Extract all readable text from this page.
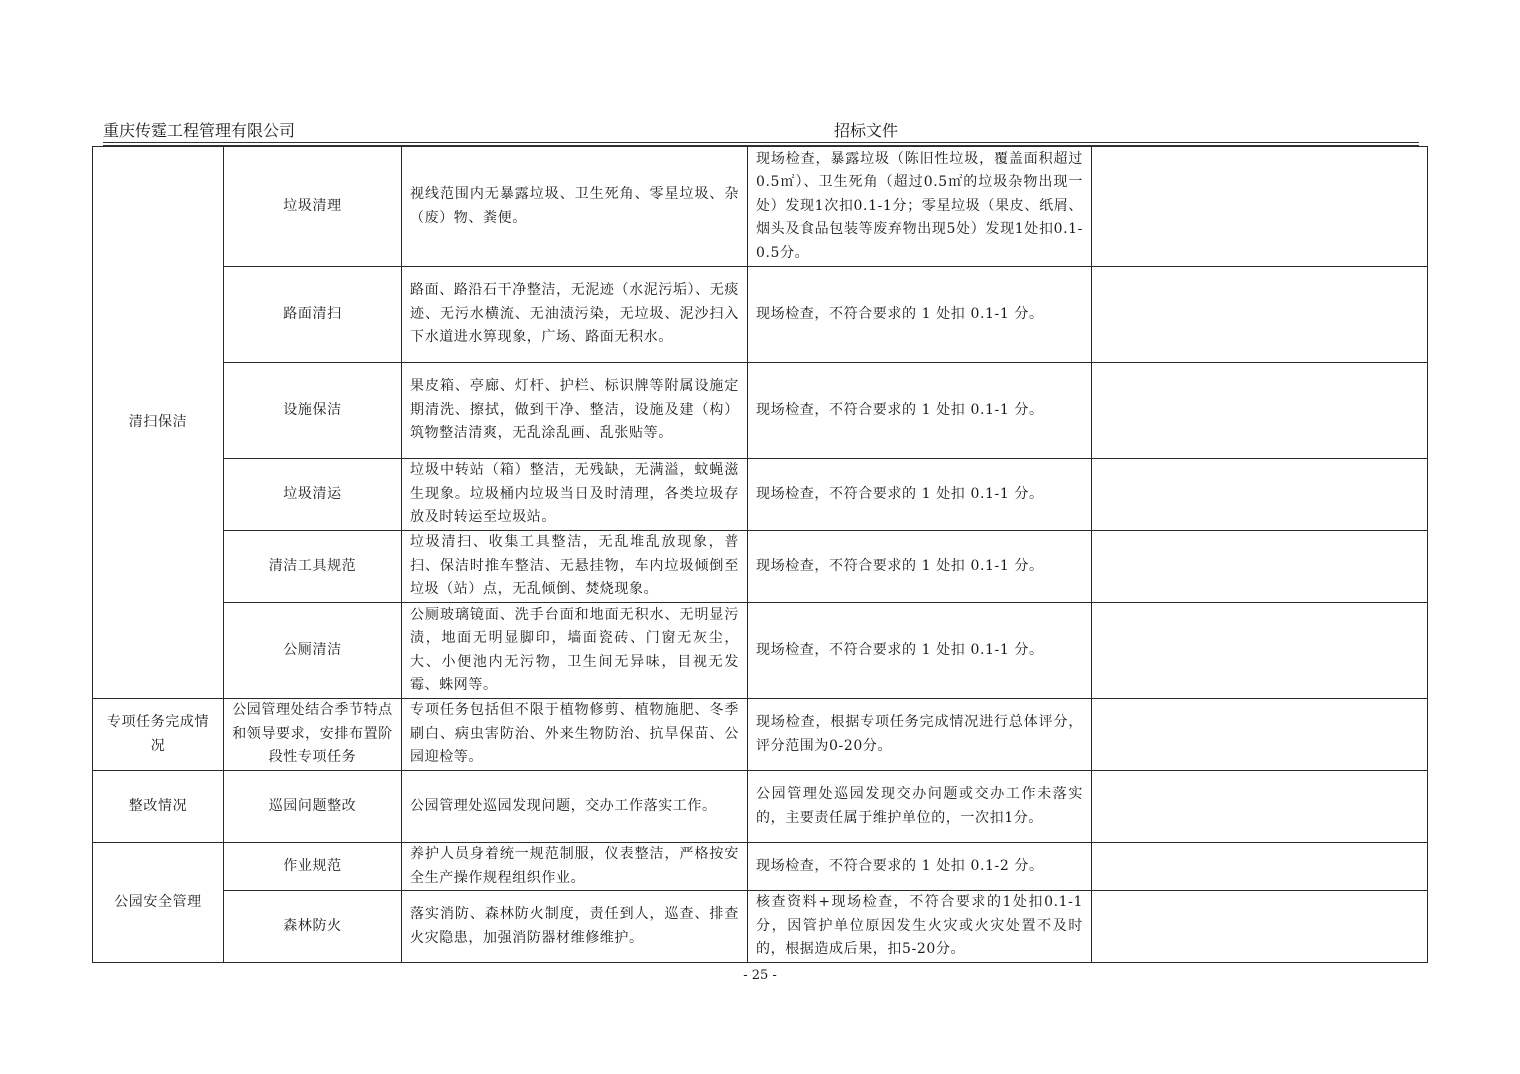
重庆传霆工程管理有限公司	招标文件
清扫保洁	垃圾清理	视线范围内无暴露垃圾、卫生死角、零星垃圾、杂（废）物、粪便。	现场检查，暴露垃圾（陈旧性垃圾，覆盖面积超过0.5㎡）、卫生死角（超过0.5㎡的垃圾杂物出现一处）发现1次扣0.1-1分；零星垃圾（果皮、纸屑、烟头及食品包装等废弃物出现5处）发现1处扣0.1-0.5分。	
	路面清扫	路面、路沿石干净整洁，无泥迹（水泥污垢）、无痰迹、无污水横流、无油渍污染，无垃圾、泥沙扫入下水道进水箅现象，广场、路面无积水。	现场检查，不符合要求的 1 处扣 0.1-1 分。	
	设施保洁	果皮箱、亭廊、灯杆、护栏、标识牌等附属设施定期清洗、擦拭，做到干净、整洁，设施及建（构）筑物整洁清爽，无乱涂乱画、乱张贴等。	现场检查，不符合要求的 1 处扣 0.1-1 分。	
	垃圾清运	垃圾中转站（箱）整洁，无残缺，无满溢，蚊蝇滋生现象。垃圾桶内垃圾当日及时清理，各类垃圾存放及时转运至垃圾站。	现场检查，不符合要求的 1 处扣 0.1-1 分。	
	清洁工具规范	垃圾清扫、收集工具整洁，无乱堆乱放现象，普扫、保洁时推车整洁、无悬挂物，车内垃圾倾倒至垃圾（站）点，无乱倾倒、焚烧现象。	现场检查，不符合要求的 1 处扣 0.1-1 分。	
	公厕清洁	公厕玻璃镜面、洗手台面和地面无积水、无明显污渍，地面无明显脚印，墙面瓷砖、门窗无灰尘，大、小便池内无污物，卫生间无异味，目视无发霉、蛛网等。	现场检查，不符合要求的 1 处扣 0.1-1 分。	
专项任务完成情况	公园管理处结合季节特点和领导要求，安排布置阶段性专项任务	专项任务包括但不限于植物修剪、植物施肥、冬季刷白、病虫害防治、外来生物防治、抗旱保苗、公园迎检等。	现场检查，根据专项任务完成情况进行总体评分，评分范围为0-20分。	
整改情况	巡园问题整改	公园管理处巡园发现问题，交办工作落实工作。	公园管理处巡园发现交办问题或交办工作未落实的，主要责任属于维护单位的，一次扣1分。	
公园安全管理	作业规范	养护人员身着统一规范制服，仪表整洁，严格按安全生产操作规程组织作业。	现场检查，不符合要求的 1 处扣 0.1-2 分。	
	森林防火	落实消防、森林防火制度，责任到人，巡查、排查火灾隐患，加强消防器材维修维护。	核查资料+现场检查，不符合要求的1处扣0.1-1分，因管护单位原因发生火灾或火灾处置不及时的，根据造成后果，扣5-20分。	
- 25 -
